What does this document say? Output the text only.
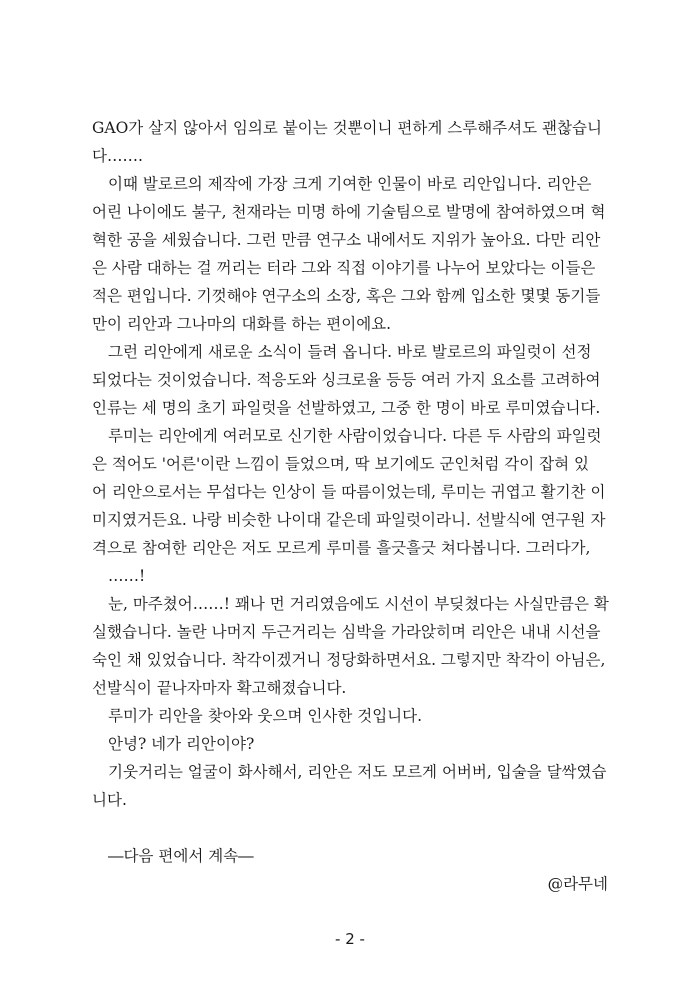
GAO가 살지 않아서 임의로 붙이는 것뿐이니 편하게 스루해주셔도 괜찮습니
다…….
이때 발로르의 제작에 가장 크게 기여한 인물이 바로 리안입니다. 리안은
어린 나이에도 불구, 천재라는 미명 하에 기술팀으로 발명에 참여하였으며 혁
혁한 공을 세웠습니다. 그런 만큼 연구소 내에서도 지위가 높아요. 다만 리안
은 사람 대하는 걸 꺼리는 터라 그와 직접 이야기를 나누어 보았다는 이들은
적은 편입니다. 기껏해야 연구소의 소장, 혹은 그와 함께 입소한 몇몇 동기들
만이 리안과 그나마의 대화를 하는 편이에요.
그런 리안에게 새로운 소식이 들려 옵니다. 바로 발로르의 파일럿이 선정
되었다는 것이었습니다. 적응도와 싱크로율 등등 여러 가지 요소를 고려하여
인류는 세 명의 초기 파일럿을 선발하였고, 그중 한 명이 바로 루미였습니다.
루미는 리안에게 여러모로 신기한 사람이었습니다. 다른 두 사람의 파일럿
은 적어도 '어른'이란 느낌이 들었으며, 딱 보기에도 군인처럼 각이 잡혀 있
어 리안으로서는 무섭다는 인상이 들 따름이었는데, 루미는 귀엽고 활기찬 이
미지였거든요. 나랑 비슷한 나이대 같은데 파일럿이라니. 선발식에 연구원 자
격으로 참여한 리안은 저도 모르게 루미를 흘긋흘긋 쳐다봅니다. 그러다가,
……!
눈, 마주쳤어……! 꽤나 먼 거리였음에도 시선이 부딪쳤다는 사실만큼은 확
실했습니다. 놀란 나머지 두근거리는 심박을 가라앉히며 리안은 내내 시선을
숙인 채 있었습니다. 착각이겠거니 정당화하면서요. 그렇지만 착각이 아님은,
선발식이 끝나자마자 확고해졌습니다.
루미가 리안을 찾아와 웃으며 인사한 것입니다.
안녕? 네가 리안이야?
기웃거리는 얼굴이 화사해서, 리안은 저도 모르게 어버버, 입술을 달싹였습
니다.
―다음 편에서 계속―
@라무네
- 2 -
